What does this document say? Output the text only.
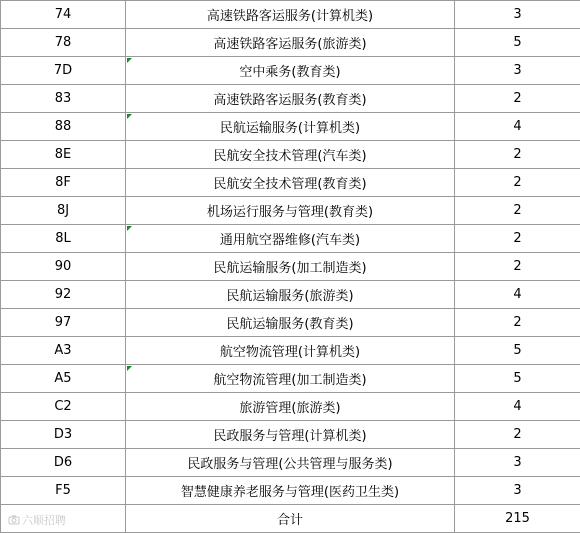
74	高速铁路客运服务(计算机类)	3
78	高速铁路客运服务(旅游类)	5
7D	空中乘务(教育类)	3
83	高速铁路客运服务(教育类)	2
88	民航运输服务(计算机类)	4
8E	民航安全技术管理(汽车类)	2
8F	民航安全技术管理(教育类)	2
8J	机场运行服务与管理(教育类)	2
8L	通用航空器维修(汽车类)	2
90	民航运输服务(加工制造类)	2
92	民航运输服务(旅游类)	4
97	民航运输服务(教育类)	2
A3	航空物流管理(计算机类)	5
A5	航空物流管理(加工制造类)	5
C2	旅游管理(旅游类)	4
D3	民政服务与管理(计算机类)	2
D6	民政服务与管理(公共管理与服务类)	3
F5	智慧健康养老服务与管理(医药卫生类)	3
	合计	215
六顺招聘
